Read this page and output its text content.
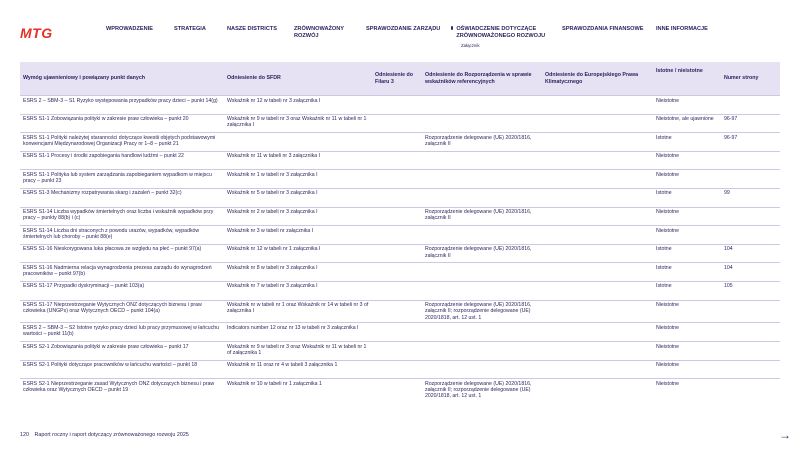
MTG	WPROWADZENIE	STRATEGIA	NASZE DISTRICTS	ZRÓWNOWAŻONY ROZWÓJ
SPRAWOZDANIE ZARZĄDU	OŚWIADCZENIE DOTYCZĄCE ZRÓWNOWAŻONEGO ROZWOJU
Załącznik
SPRAWOZDANIA FINANSOWE INNE INFORMACJE
Wymóg ujawnieniowy i powiązany punkt danych	Odniesienie do SFDR	Odniesienie do Filaru 3	Odniesienie do Rozporządzenia w sprawie wskaźników referencyjnych	Odniesienie do Europejskiego Prawa Klimatycznego	Istotne / nieistotne	Numer strony
ESRS 2 – SBM-3 – S1 Ryzyko występowania przypadków pracy dzieci – punkt 14(g)	Wskaźnik nr 12 w tabeli nr 3 załącznika I				Nieistotne	
ESRS S1-1 Zobowiązania polityki w zakresie praw człowieka – punkt 20	Wskaźnik nr 9 w tabeli nr 3 oraz Wskaźnik nr 11 w tabeli nr 1 załącznika I				Nieistotne, ale ujawnione	96-97
ESRS S1-1 Polityki należytej staranności dotyczące kwestii objętych podstawowymi konwencjami Międzynarodowej Organizacji Pracy nr 1–8 – punkt 21			Rozporządzenie delegowane (UE) 2020/1816, załącznik II		Istotne	96-97
ESRS S1-1 Procesy i środki zapobiegania handlowi ludźmi – punkt 22	Wskaźnik nr 11 w tabeli nr 3 załącznika I				Nieistotne	
ESRS S1-1 Polityka lub system zarządzania zapobieganiem wypadkom w miejscu pracy – punkt 23	Wskaźnik nr 1 w tabeli nr 3 załącznika I				Nieistotne	
ESRS S1-3 Mechanizmy rozpatrywania skarg i zażaleń – punkt 32(c)	Wskaźnik nr 5 w tabeli nr 3 załącznika I				Istotne	99
ESRS S1-14 Liczba wypadków śmiertelnych oraz liczba i wskaźnik wypadków przy pracy – punkty 88(b) i (c)	Wskaźnik nr 2 w tabeli nr 3 załącznika I		Rozporządzenie delegowane (UE) 2020/1816, załącznik II		Nieistotne	
ESRS S1-14 Liczba dni straconych z powodu urazów, wypadków, wypadków śmiertelnych lub choroby – punkt 88(e)	Wskaźnik nr 3 w tabeli nr załącznika I				Nieistotne	
ESRS S1-16 Nieskorygowana luka płacowa ze względu na płeć – punkt 97(a)	Wskaźnik nr 12 w tabeli nr 1 załącznika I		Rozporządzenie delegowane (UE) 2020/1816, załącznik II		Istotne	104
ESRS S1-16 Nadmierna relacja wynagrodzenia prezesa zarządu do wynagrodzeń pracowników – punkt 97(b)	Wskaźnik nr 8 w tabeli nr 3 załącznika I				Istotne	104
ESRS S1-17 Przypadki dyskryminacji – punkt 103(a)	Wskaźnik nr 7 w tabeli nr 3 załącznika I				Istotne	105
ESRS S1-17 Nieprzestrzeganie Wytycznych ONZ dotyczących biznesu i praw człowieka (UNGPs) oraz Wytycznych OECD – punkt 104(a)	Wskaźnik nr w tabeli nr 1 oraz Wskaźnik nr 14 w tabeli nr 3 of załącznika I		Rozporządzenie delegowane (UE) 2020/1816, załącznik II; rozporządzenie delegowane (UE) 2020/1818, art. 12 ust. 1		Nieistotne	
ESRS 2 – SBM-3 – S2 Istotne ryzyko pracy dzieci lub pracy przymusowej w łańcuchu wartości – punkt 11(b)	Indicators number 12 oraz nr 13 w tabeli nr 3 załącznika I				Nieistotne	
ESRS S2-1 Zobowiązania polityki w zakresie praw człowieka – punkt 17	Wskaźnik nr 9 w tabeli nr 3 oraz Wskaźnik nr 11 w tabeli nr 1 of załącznika 1				Nieistotne	
ESRS S2-1 Polityki dotyczące pracowników w łańcuchu wartości – punkt 18	Wskaźnik nr 11 oraz nr 4 w tabeli 3 załącznika 1				Nieistotne	
ESRS S2-1 Nieprzestrzeganie zasad Wytycznych ONZ dotyczących biznesu i praw człowieka oraz Wytycznych OECD – punkt 19	Wskaźnik nr 10 w tabeli nr 1 załącznika 1		Rozporządzenie delegowane (UE) 2020/1816, załącznik II; rozporządzenie delegowane (UE) 2020/1818, art. 12 ust. 1		Nieistotne	
120 Raport roczny i raport dotyczący zrównoważonego rozwoju 2025	→
